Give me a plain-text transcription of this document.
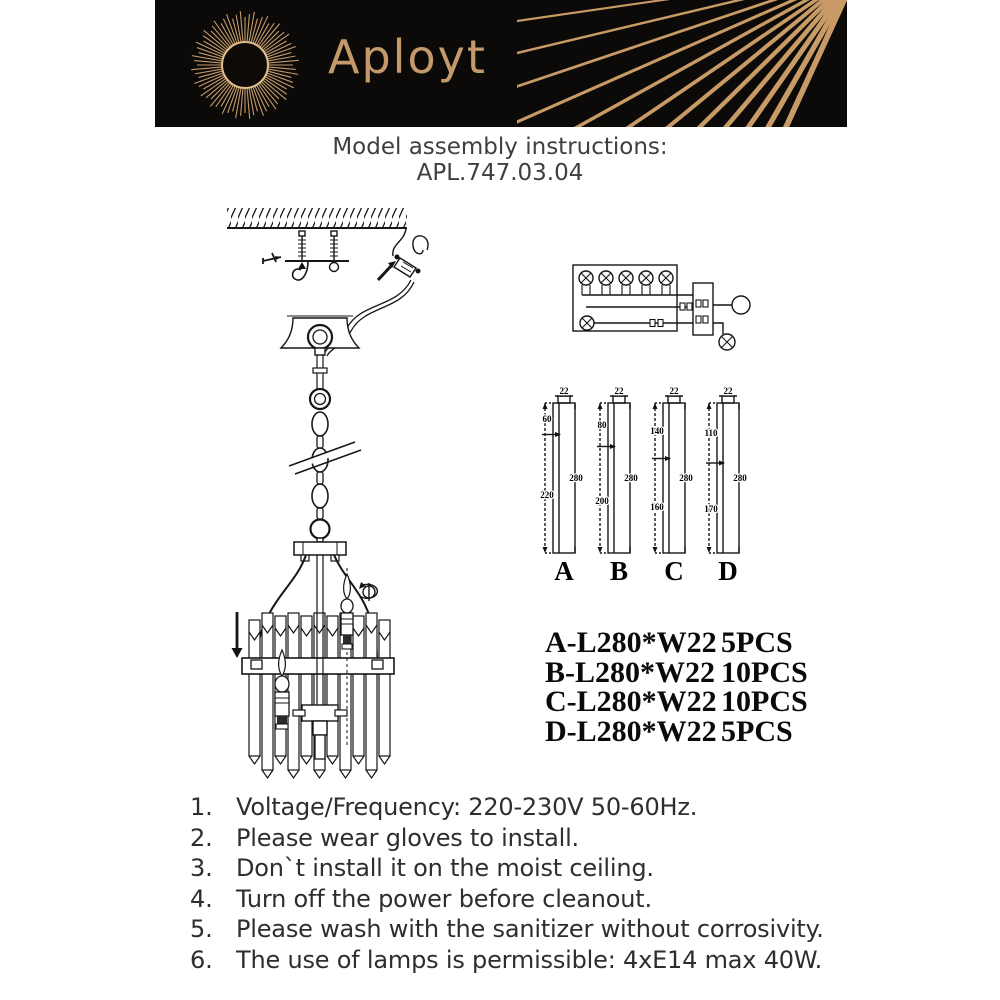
Aployt
Model assembly instructions:
APL.747.03.04
22
60
220
280
A
22
80
200
280
B
22
140
160
280
C
22
110
170
280
D
A-L280*W22 5PCS
B-L280*W22 10PCS
C-L280*W22 10PCS
D-L280*W22 5PCS
1. Voltage/Frequency: 220-230V 50-60Hz.
2. Please wear gloves to install.
3. Don`t install it on the moist ceiling.
4. Turn off the power before cleanout.
5. Please wash with the sanitizer without corrosivity.
6. The use of lamps is permissible: 4xE14 max 40W.
